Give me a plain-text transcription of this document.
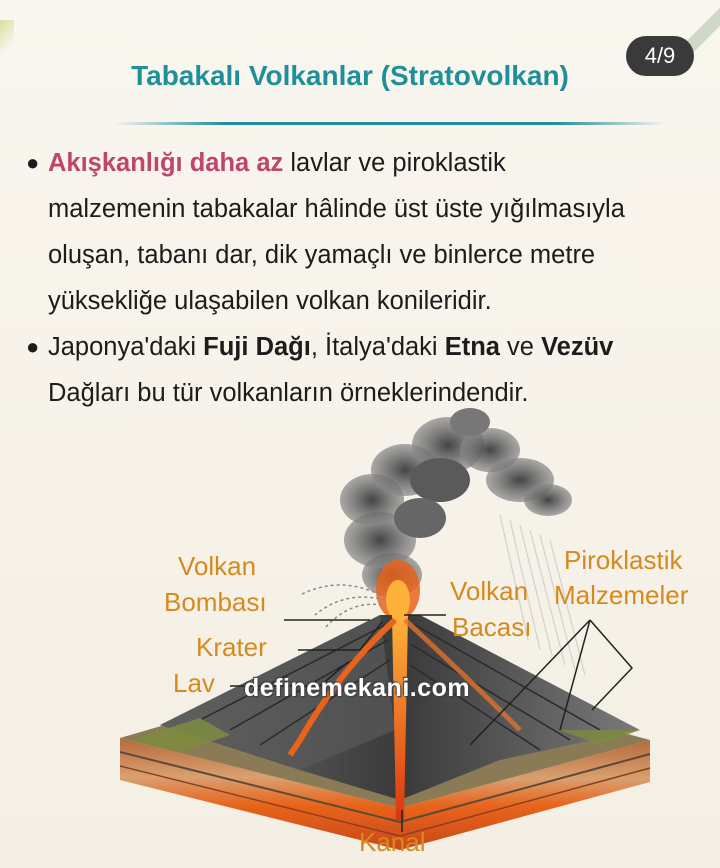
4/9
Tabakalı Volkanlar (Stratovolkan)
● Akışkanlığı daha az lavlar ve piroklastik
malzemenin tabakalar hâlinde üst üste yığılmasıyla
oluşan, tabanı dar, dik yamaçlı ve binlerce metre
yüksekliğe ulaşabilen volkan konileridir.
● Japonya'daki Fuji Dağı, İtalya'daki Etna ve Vezüv
Dağları bu tür volkanların örneklerindendir.
Volkan
Bombası
Krater
Lav
Volkan
Bacası
Piroklastik
Malzemeler
Kanal
definemekani.com
